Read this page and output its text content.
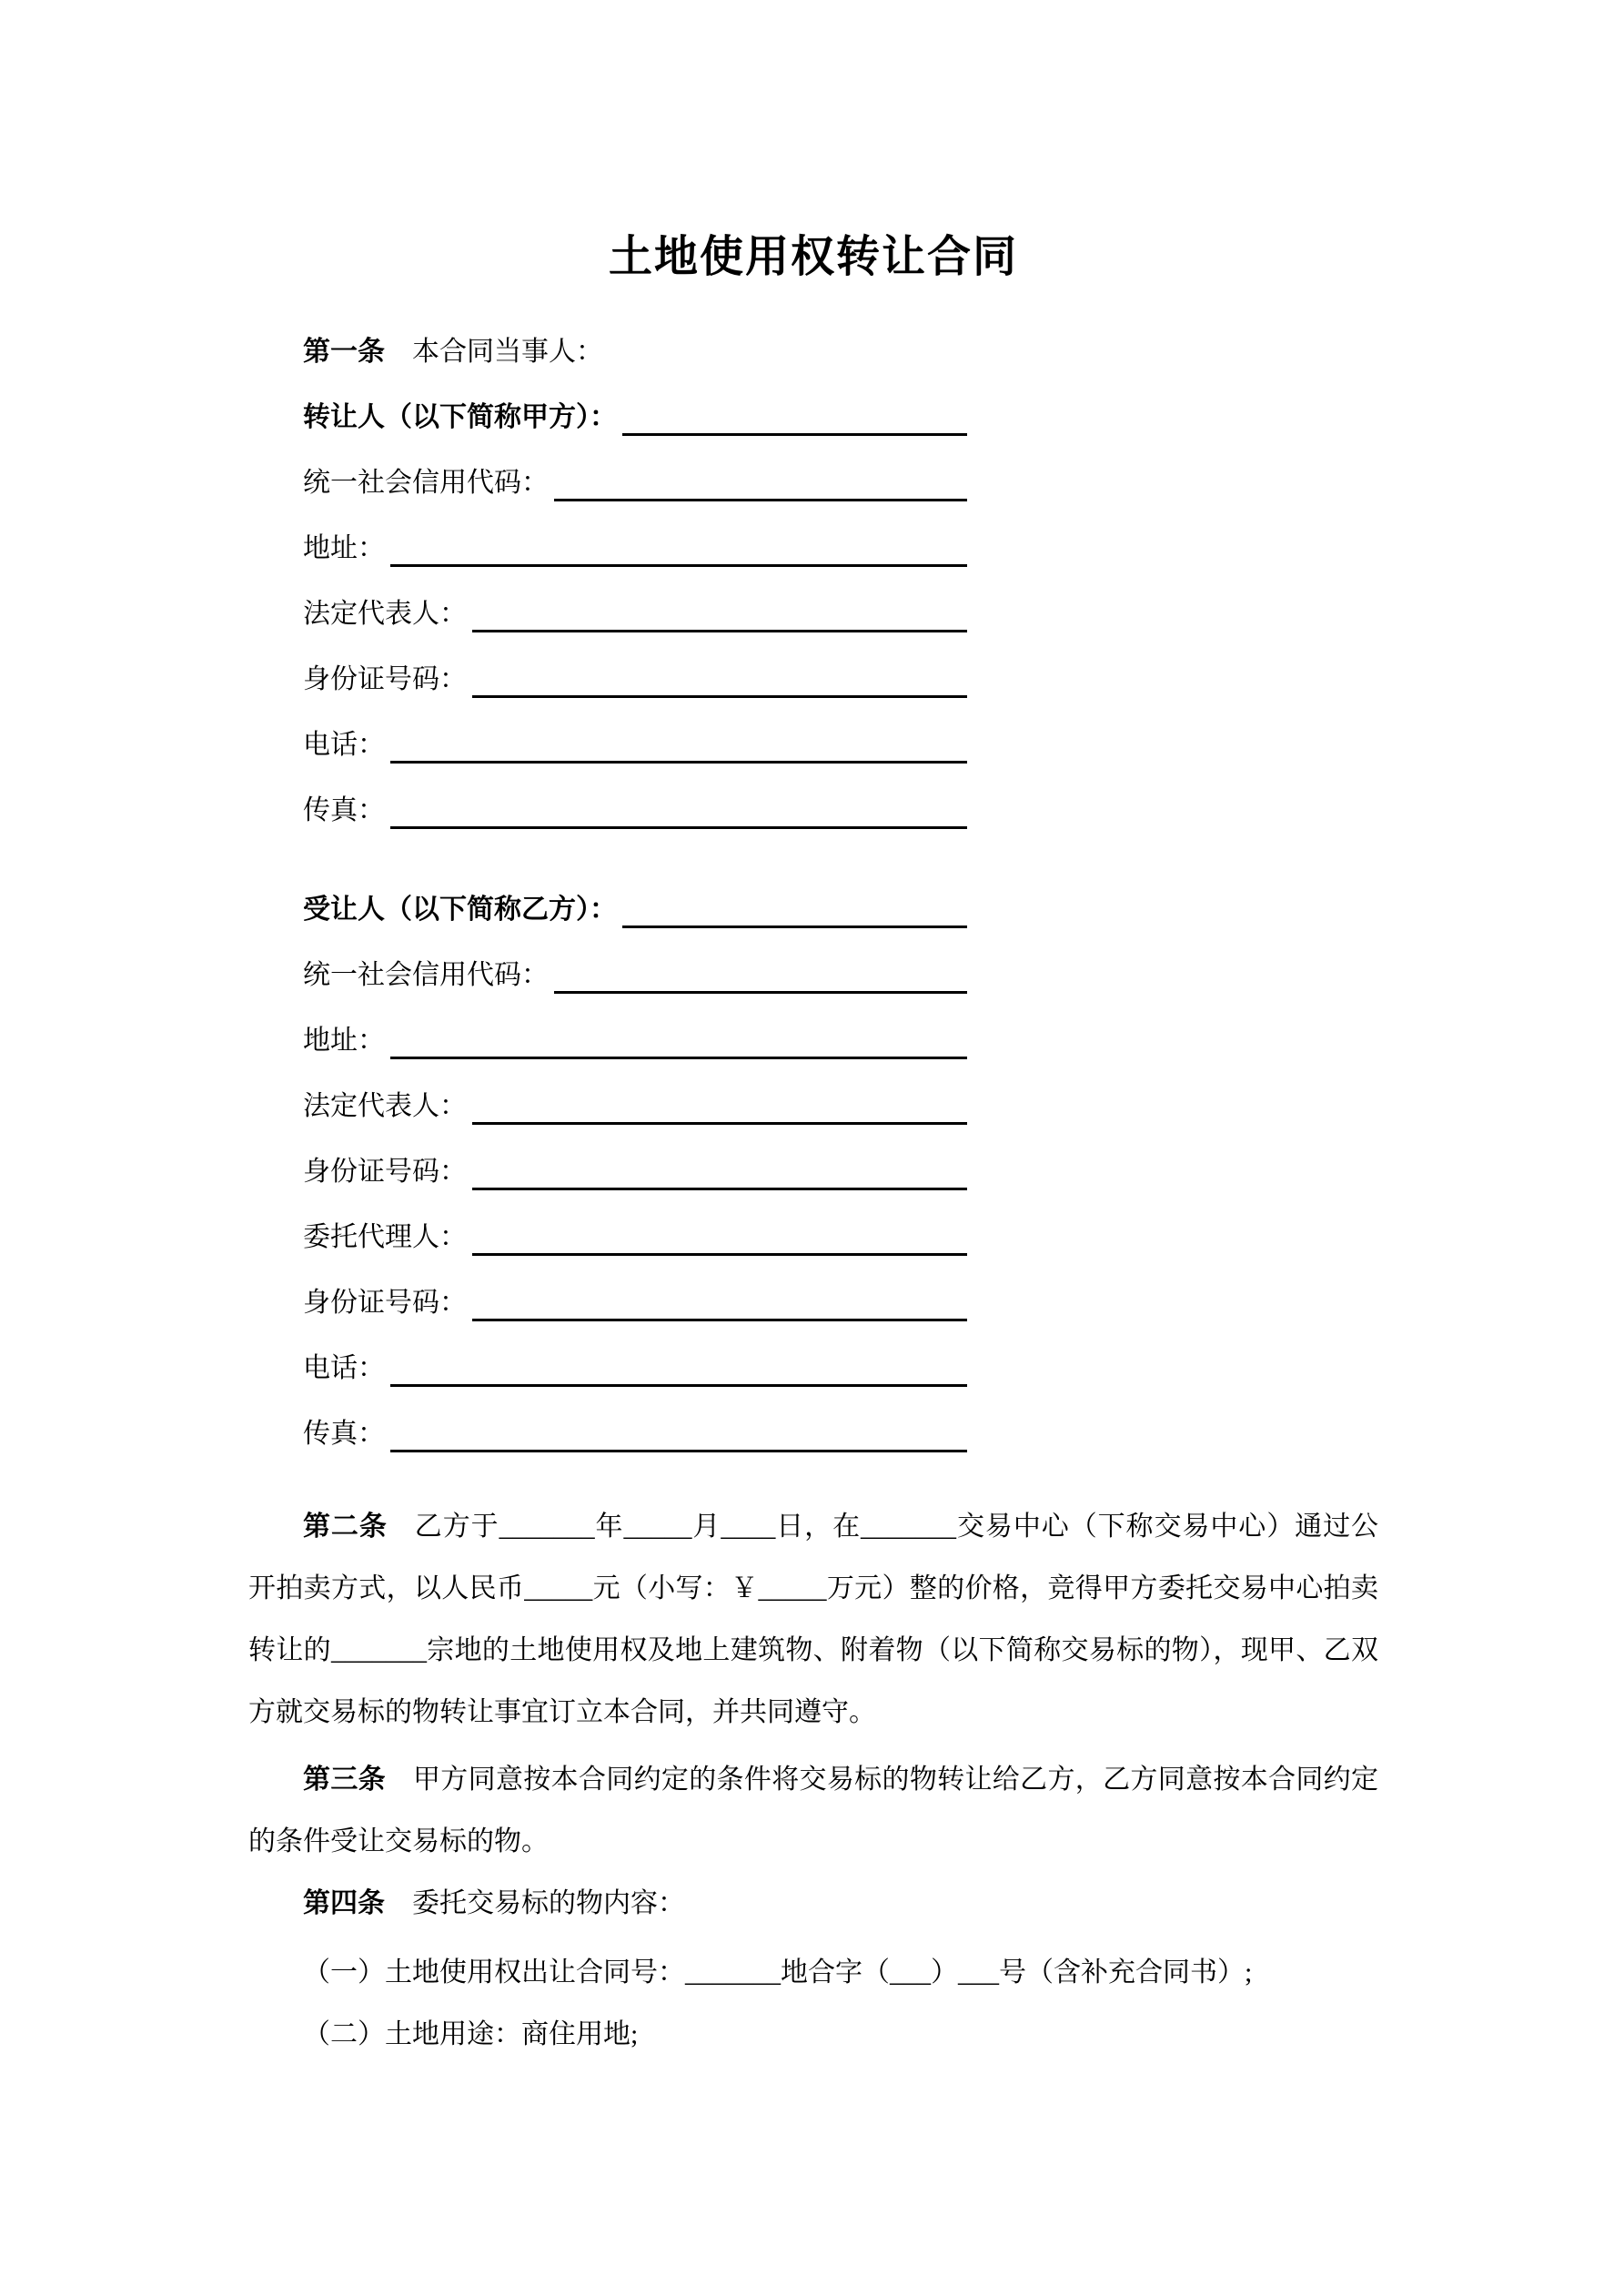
土地使用权转让合同
第一条 本合同当事人：
转让人（以下简称甲方）：
统一社会信用代码：
地址：
法定代表人：
身份证号码：
电话：
传真：
受让人（以下简称乙方）：
统一社会信用代码：
地址：
法定代表人：
身份证号码：
委托代理人：
身份证号码：
电话：
传真：

第二条 乙方于_______年_____月____日，在_______交易中心（下称交易中心）通过公开拍卖方式，以人民币_____元（小写：￥_____万元）整的价格，竞得甲方委托交易中心拍卖转让的_______宗地的土地使用权及地上建筑物、附着物（以下简称交易标的物），现甲、乙双方就交易标的物转让事宜订立本合同，并共同遵守。

第三条 甲方同意按本合同约定的条件将交易标的物转让给乙方，乙方同意按本合同约定的条件受让交易标的物。

第四条 委托交易标的物内容：

（一）土地使用权出让合同号：_______地合字（___）___号（含补充合同书）;

（二）土地用途：商住用地;
